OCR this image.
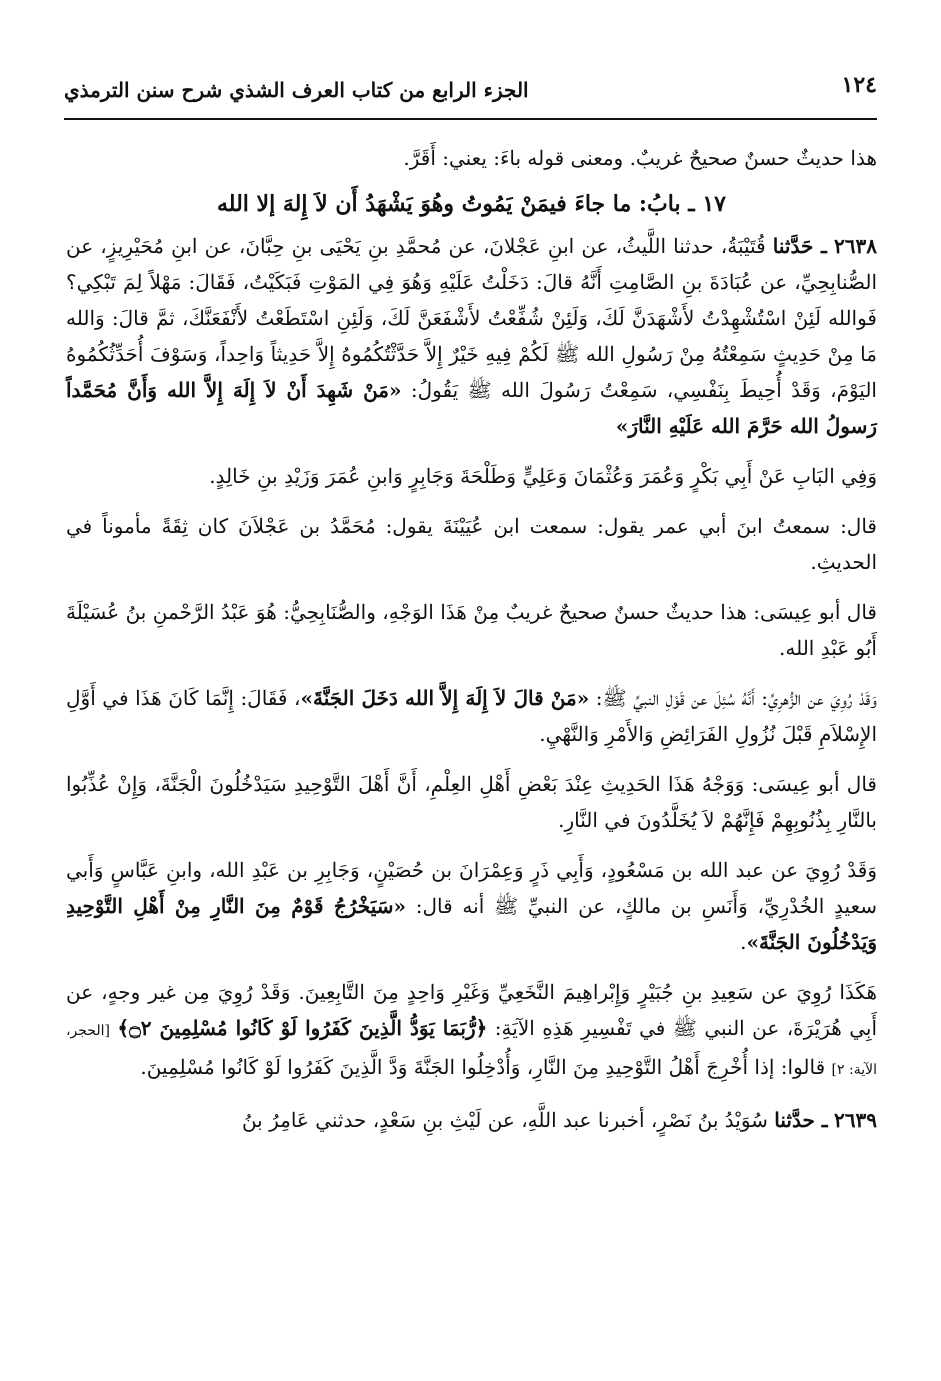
١٢٤
الجزء الرابع من كتاب العرف الشذي شرح سنن الترمذي

هذا حديثٌ حسنٌ صحيحٌ غريبٌ. ومعنى قوله باءَ: يعني: أَقَرَّ.

١٧ ـ بابُ: ما جاءَ فيمَنْ يَمُوتُ وهُوَ يَشْهَدُ أَن لاَ إِلهَ إلا الله

٢٦٣٨ ـ حَدَّثنا قُتَيْبَةُ، حدثنا اللَّيثُ، عن ابنِ عَجْلانَ، عن مُحمَّدِ بنِ يَحْيَى بنِ حِبَّانَ، عن ابنِ مُحَيْرِيزٍ، عن الصُّنابِحِيِّ، عن عُبَادَةَ بنِ الصَّامِتِ أَنَّهُ قالَ: دَخَلْتُ عَلَيْهِ وَهُوَ فِي المَوْتِ فَبَكَيْتُ، فَقَالَ: مَهْلاً لِمَ تَبْكِي؟ فَوالله لَئِنْ اسْتُشْهِدْتُ لأَشْهَدَنَّ لَكَ، وَلَئِنْ شُفِّعْتُ لأَشْفَعَنَّ لَكَ، وَلَئِنِ اسْتَطَعْتُ لأَنْفَعَنَّكَ، ثمَّ قالَ: وَالله مَا مِنْ حَدِيثٍ سَمِعْتُهُ مِنْ رَسُولِ الله ﷺ لَكُمْ فِيهِ خَيْرٌ إِلاَّ حَدَّثْتُكُمُوهُ إِلاَّ حَدِيثاً وَاحِداً، وَسَوْفَ أُحَدِّثُكُمُوهُ اليَوْمَ، وَقَدْ أُحِيطَ بِنَفْسِي، سَمِعْتُ رَسُولَ الله ﷺ يَقُولُ: «مَنْ شَهِدَ أَنْ لاَ إِلَهَ إِلاَّ الله وَأَنَّ مُحَمَّداً رَسولُ الله حَرَّمَ الله عَلَيْهِ النَّارَ»

وَفِي البَابِ عَنْ أَبِي بَكْرٍ وَعُمَرَ وَعُثْمَانَ وَعَلِيٍّ وَطَلْحَةَ وَجَابِرٍ وَابنِ عُمَرَ وَزَيْدِ بنِ خَالِدٍ.

قال: سمعتُ ابنَ أبي عمر يقول: سمعت ابن عُيَيْنَةَ يقول: مُحَمَّدُ بن عَجْلاَنَ كان ثِقَةً مأموناً في الحديثِ.

قال أبو عِيسَى: هذا حديثٌ حسنٌ صحيحٌ غريبٌ مِنْ هَذَا الوَجْهِ، والصُّنَابِحِيُّ: هُوَ عَبْدُ الرَّحْمنِ بنُ عُسَيْلَةَ أَبُو عَبْدِ الله.

وَقَدْ رُوِيَ عن الزُّهرِيِّ: أَنَّهُ سُئِلَ عن قَوْلِ النبيِّ ﷺ: «مَنْ قالَ لاَ إِلَهَ إِلاَّ الله دَخَلَ الجَنَّةَ»، فَقَالَ: إِنَّمَا كَانَ هَذَا في أَوَّلِ الإِسْلاَمِ قَبْلَ نُزُولِ الفَرَائِضِ وَالأَمْرِ وَالنَّهْيِ.

قال أبو عِيسَى: وَوَجْهُ هَذَا الحَدِيثِ عِنْدَ بَعْضِ أَهْلِ العِلْمِ، أَنَّ أَهْلَ التَّوْحِيدِ سَيَدْخُلُونَ الْجَنَّةَ، وَإِنْ عُذِّبُوا بالنَّارِ بِذُنُوبِهِمْ فَإِنَّهُمْ لاَ يُخَلَّدُونَ في النَّارِ.

وَقَدْ رُوِيَ عن عبد الله بن مَسْعُودٍ، وَأَبِي ذَرٍ وَعِمْرَانَ بن حُصَيْنٍ، وَجَابِرِ بن عَبْدِ الله، وابنِ عَبَّاسٍ وَأَبي سعيدٍ الخُدْرِيِّ، وَأَنَسِ بن مالكٍ، عن النبيِّ ﷺ أنه قال: «سَيَخْرُجُ قَوْمٌ مِنَ النَّارِ مِنْ أَهْلِ التَّوْحِيدِ وَيَدْخُلُونَ الجَنَّةَ».

هَكَذَا رُوِيَ عن سَعِيدِ بنِ جُبَيْرٍ وَإِبْراهِيمَ النَّخَعِيِّ وَغَيْرِ وَاحِدٍ مِنَ التَّابِعِينَ. وَقَدْ رُوِيَ مِن غير وجهٍ، عن أَبِي هُرَيْرَةَ، عن النبي ﷺ في تَفْسِيرِ هَذِهِ الآيَةِ: ﴿رُّبَمَا يَوَدُّ الَّذِينَ كَفَرُوا لَوْ كَانُوا مُسْلِمِينَ ۝٢﴾ [الحجر، الآية: ٢] قالوا: إذا أُخْرِجَ أَهْلُ التَّوْحِيدِ مِنَ النَّارِ، وَأُدْخِلُوا الجَنَّةَ وَدَّ الَّذِينَ كَفَرُوا لَوْ كَانُوا مُسْلِمِينَ.

٢٦٣٩ ـ حدَّثنا سُوَيْدُ بنُ نَصْرٍ، أخبرنا عبد اللَّهِ، عن لَيْثِ بنِ سَعْدٍ، حدثني عَامِرُ بنُ
